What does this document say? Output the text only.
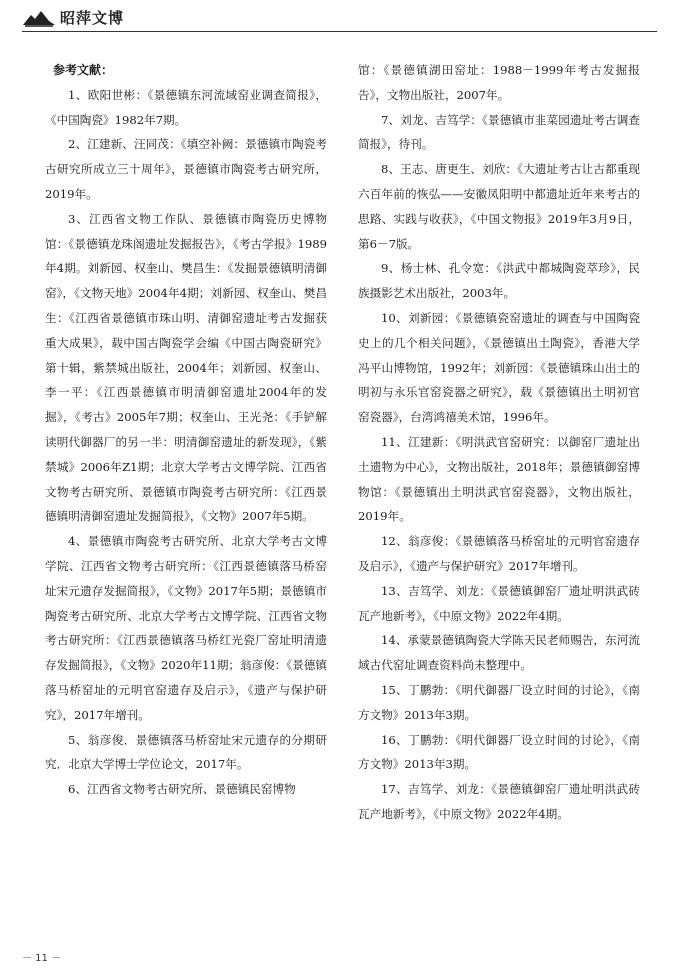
昭萍文博
参考文献：

1、欧阳世彬：《景德镇东河流域窑业调查简报》，《中国陶瓷》1982年7期。

2、江建新、汪同茂：《填空补阙：景德镇市陶瓷考古研究所成立三十周年》，景德镇市陶瓷考古研究所，2019年。

3、江西省文物工作队、景德镇市陶瓷历史博物馆：《景德镇龙珠阁遗址发掘报告》，《考古学报》1989年4期。刘新园、权奎山、樊昌生：《发掘景德镇明清御窑》，《文物天地》2004年4期；刘新园、权奎山、樊昌生：《江西省景德镇市珠山明、清御窑遗址考古发掘获重大成果》，载中国古陶瓷学会编《中国古陶瓷研究》第十辑，紫禁城出版社，2004年；刘新园、权奎山、李一平：《江西景德镇市明清御窑遗址2004年的发掘》，《考古》2005年7期；权奎山、王光尧：《手铲解读明代御器厂的另一半：明清御窑遗址的新发现》，《紫禁城》2006年Z1期；北京大学考古文博学院、江西省文物考古研究所、景德镇市陶瓷考古研究所：《江西景德镇明清御窑遗址发掘简报》，《文物》2007年5期。

4、景德镇市陶瓷考古研究所、北京大学考古文博学院、江西省文物考古研究所：《江西景德镇落马桥窑址宋元遗存发掘简报》，《文物》2017年5期；景德镇市陶瓷考古研究所、北京大学考古文博学院、江西省文物考古研究所：《江西景德镇落马桥红光瓷厂窑址明清遗存发掘简报》，《文物》2020年11期；翁彦俊：《景德镇落马桥窑址的元明官窑遗存及启示》，《遗产与保护研究》，2017年增刊。

5、翁彦俊．景德镇落马桥窑址宋元遗存的分期研究．北京大学博士学位论文，2017年。

6、江西省文物考古研究所、景德镇民窑博物

馆：《景德镇湖田窑址：1988－1999年考古发掘报告》，文物出版社，2007年。

7、刘龙、吉笃学：《景德镇市韭菜园遗址考古调查简报》，待刊。

8、王志、唐更生、刘欣：《大遗址考古让古都重现六百年前的恢弘——安徽凤阳明中都遗址近年来考古的思路、实践与收获》，《中国文物报》2019年3月9日，第6－7版。

9、杨士林、孔令宽：《洪武中都城陶瓷萃珍》，民族摄影艺术出版社，2003年。

10、刘新园：《景德镇瓷窑遗址的调查与中国陶瓷史上的几个相关问题》，《景德镇出土陶瓷》，香港大学冯平山博物馆，1992年；刘新园：《景德镇珠山出土的明初与永乐官窑瓷器之研究》，载《景德镇出土明初官窑瓷器》，台湾鸿禧美术馆，1996年。

11、江建新：《明洪武官窑研究：以御窑厂遗址出土遗物为中心》，文物出版社，2018年；景德镇御窑博物馆：《景德镇出土明洪武官窑瓷器》，文物出版社，2019年。

12、翁彦俊：《景德镇落马桥窑址的元明官窑遗存及启示》，《遗产与保护研究》2017年增刊。

13、吉笃学、刘龙：《景德镇御窑厂遗址明洪武砖瓦产地新考》，《中原文物》2022年4期。

14、承蒙景德镇陶瓷大学陈天民老师赐告，东河流域古代窑址调查资料尚未整理中。

15、丁鹏勃：《明代御器厂设立时间的讨论》，《南方文物》2013年3期。

16、丁鹏勃：《明代御器厂设立时间的讨论》，《南方文物》2013年3期。

17、吉笃学、刘龙：《景德镇御窑厂遗址明洪武砖瓦产地新考》，《中原文物》2022年4期。

－ 11 －
